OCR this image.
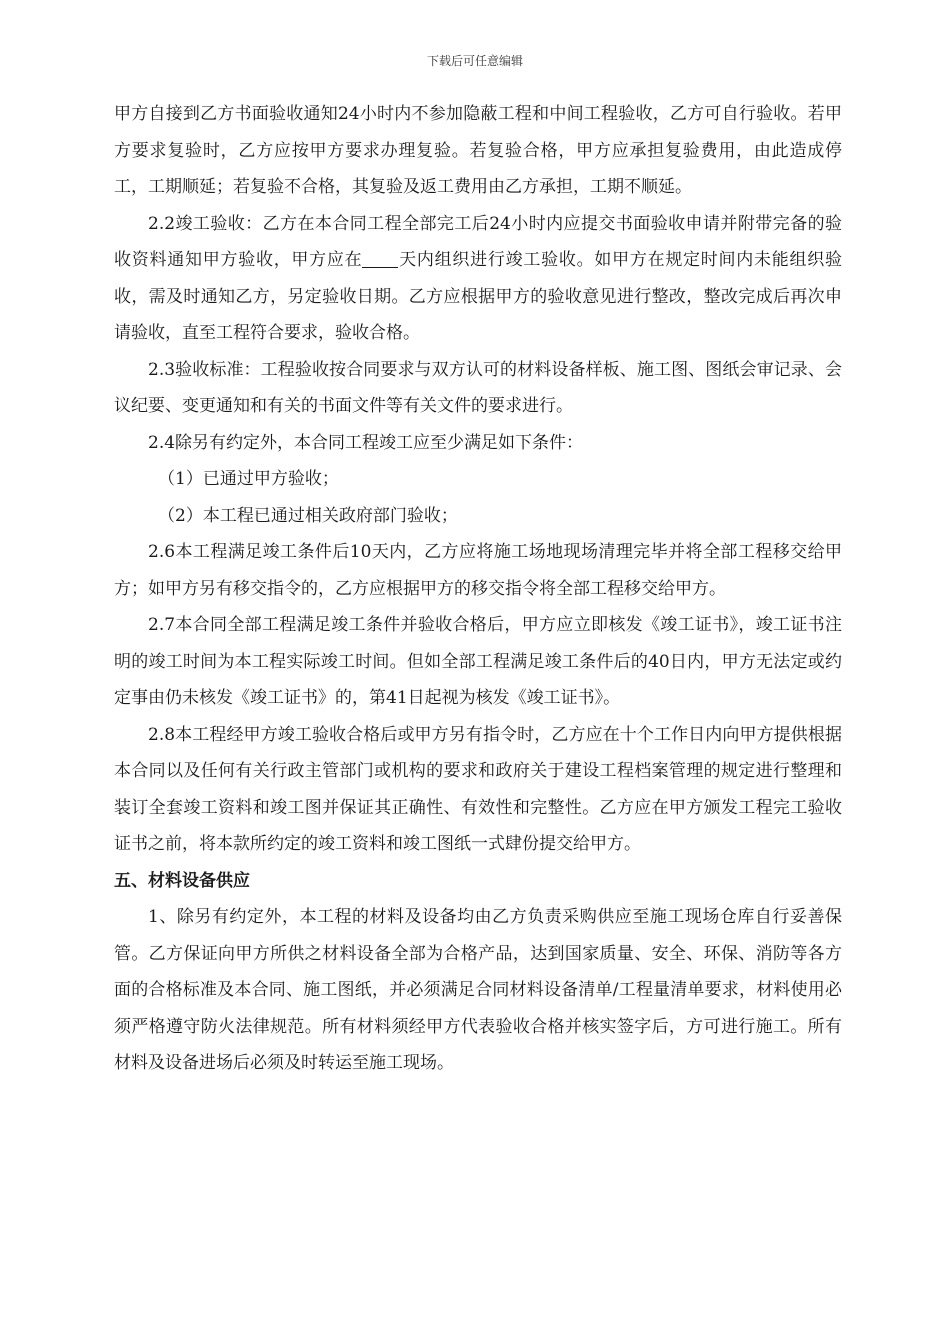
下载后可任意编辑

甲方自接到乙方书面验收通知24小时内不参加隐蔽工程和中间工程验收，乙方可自行验收。若甲方要求复验时，乙方应按甲方要求办理复验。若复验合格，甲方应承担复验费用，由此造成停工，工期顺延；若复验不合格，其复验及返工费用由乙方承担，工期不顺延。

2.2竣工验收：乙方在本合同工程全部完工后24小时内应提交书面验收申请并附带完备的验收资料通知甲方验收，甲方应在 天内组织进行竣工验收。如甲方在规定时间内未能组织验收，需及时通知乙方，另定验收日期。乙方应根据甲方的验收意见进行整改，整改完成后再次申请验收，直至工程符合要求，验收合格。

2.3验收标准：工程验收按合同要求与双方认可的材料设备样板、施工图、图纸会审记录、会议纪要、变更通知和有关的书面文件等有关文件的要求进行。

2.4除另有约定外，本合同工程竣工应至少满足如下条件：

（1）已通过甲方验收；

（2）本工程已通过相关政府部门验收；

2.6本工程满足竣工条件后10天内，乙方应将施工场地现场清理完毕并将全部工程移交给甲方；如甲方另有移交指令的，乙方应根据甲方的移交指令将全部工程移交给甲方。

2.7本合同全部工程满足竣工条件并验收合格后，甲方应立即核发《竣工证书》，竣工证书注明的竣工时间为本工程实际竣工时间。但如全部工程满足竣工条件后的40日内，甲方无法定或约定事由仍未核发《竣工证书》的，第41日起视为核发《竣工证书》。

2.8本工程经甲方竣工验收合格后或甲方另有指令时，乙方应在十个工作日内向甲方提供根据本合同以及任何有关行政主管部门或机构的要求和政府关于建设工程档案管理的规定进行整理和装订全套竣工资料和竣工图并保证其正确性、有效性和完整性。乙方应在甲方颁发工程完工验收证书之前，将本款所约定的竣工资料和竣工图纸一式肆份提交给甲方。

五、材料设备供应

1、除另有约定外，本工程的材料及设备均由乙方负责采购供应至施工现场仓库自行妥善保管。乙方保证向甲方所供之材料设备全部为合格产品，达到国家质量、安全、环保、消防等各方面的合格标准及本合同、施工图纸，并必须满足合同材料设备清单/工程量清单要求，材料使用必须严格遵守防火法律规范。所有材料须经甲方代表验收合格并核实签字后，方可进行施工。所有材料及设备进场后必须及时转运至施工现场。
